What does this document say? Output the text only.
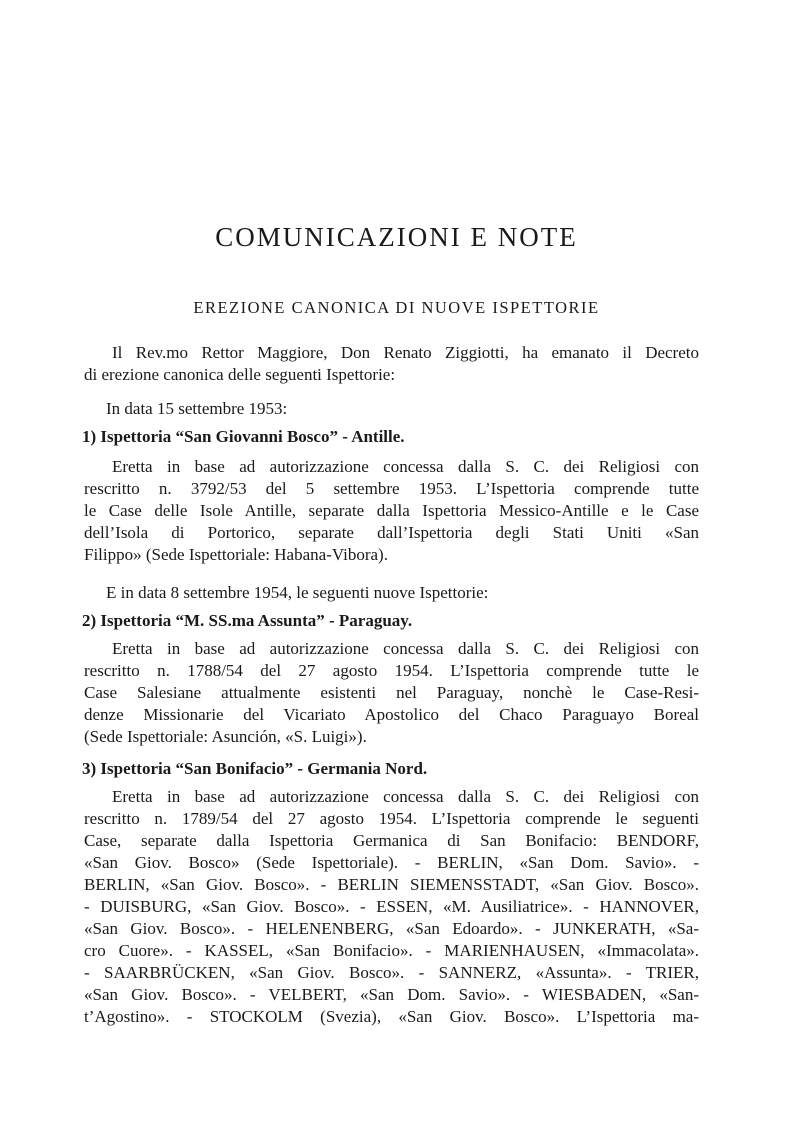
COMUNICAZIONI E NOTE
EREZIONE CANONICA DI NUOVE ISPETTORIE
Il Rev.mo Rettor Maggiore, Don Renato Ziggiotti, ha emanato il Decreto
di erezione canonica delle seguenti Ispettorie:
In data 15 settembre 1953:
1) Ispettoria “San Giovanni Bosco” - Antille.
Eretta in base ad autorizzazione concessa dalla S. C. dei Religiosi con
rescritto n. 3792/53 del 5 settembre 1953. L’Ispettoria comprende tutte
le Case delle Isole Antille, separate dalla Ispettoria Messico-Antille e le Case
dell’Isola di Portorico, separate dall’Ispettoria degli Stati Uniti «San
Filippo» (Sede Ispettoriale: Habana-Vibora).
E in data 8 settembre 1954, le seguenti nuove Ispettorie:
2) Ispettoria “M. SS.ma Assunta” - Paraguay.
Eretta in base ad autorizzazione concessa dalla S. C. dei Religiosi con
rescritto n. 1788/54 del 27 agosto 1954. L’Ispettoria comprende tutte le
Case Salesiane attualmente esistenti nel Paraguay, nonchè le Case-Resi-
denze Missionarie del Vicariato Apostolico del Chaco Paraguayo Boreal
(Sede Ispettoriale: Asunción, «S. Luigi»).
3) Ispettoria “San Bonifacio” - Germania Nord.
Eretta in base ad autorizzazione concessa dalla S. C. dei Religiosi con
rescritto n. 1789/54 del 27 agosto 1954. L’Ispettoria comprende le seguenti
Case, separate dalla Ispettoria Germanica di San Bonifacio: BENDORF,
«San Giov. Bosco» (Sede Ispettoriale). - BERLIN, «San Dom. Savio». -
BERLIN, «San Giov. Bosco». - BERLIN SIEMENSSTADT, «San Giov. Bosco».
- DUISBURG, «San Giov. Bosco». - ESSEN, «M. Ausiliatrice». - HANNOVER,
«San Giov. Bosco». - HELENENBERG, «San Edoardo». - JUNKERATH, «Sa-
cro Cuore». - KASSEL, «San Bonifacio». - MARIENHAUSEN, «Immacolata».
- SAARBRÜCKEN, «San Giov. Bosco». - SANNERZ, «Assunta». - TRIER,
«San Giov. Bosco». - VELBERT, «San Dom. Savio». - WIESBADEN, «San-
t’Agostino». - STOCKOLM (Svezia), «San Giov. Bosco». L’Ispettoria ma-
